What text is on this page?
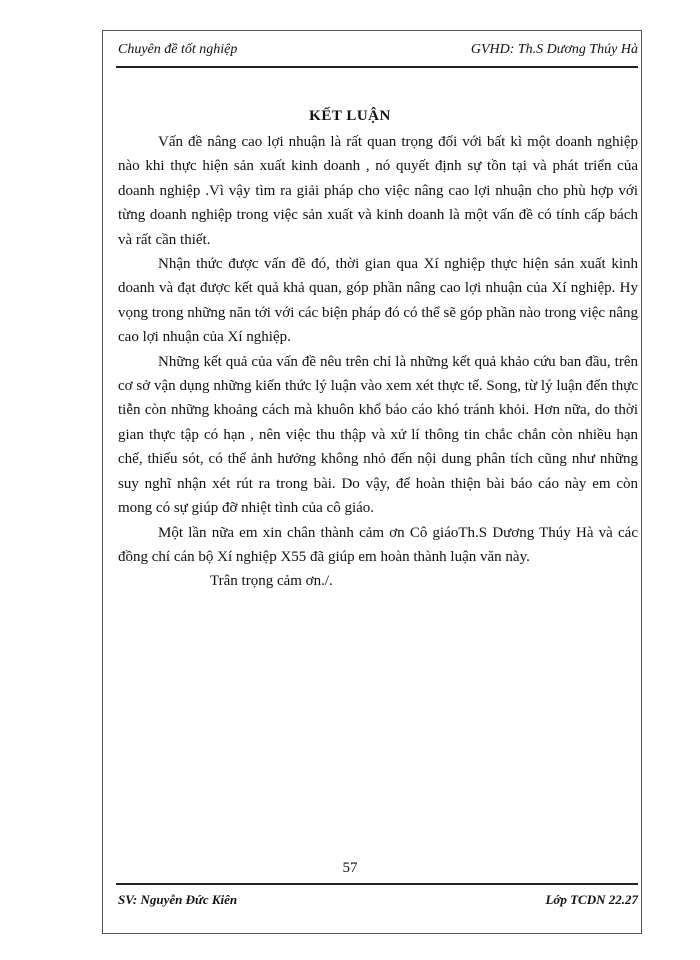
Chuyên đề tốt nghiệp	GVHD: Th.S Dương Thúy Hà
KẾT LUẬN

Vấn đề nâng cao lợi nhuận là rất quan trọng đối với bất kì một doanh nghiệp nào khi thực hiện sản xuất kinh doanh , nó quyết định sự tồn tại và phát triển của doanh nghiệp .Vì vậy tìm ra giải pháp cho việc nâng cao lợi nhuận cho phù hợp với từng doanh nghiệp trong việc sản xuất và kinh doanh là một vấn đề có tính cấp bách và rất cần thiết.

Nhận thức được vấn đề đó, thời gian qua Xí nghiệp thực hiện sản xuất kinh doanh và đạt được kết quả khả quan, góp phần nâng cao lợi nhuận của Xí nghiệp. Hy vọng trong những năn tới với các biện pháp đó có thể sẽ góp phần nào trong việc nâng cao lợi nhuận của Xí nghiệp.

Những kết quả của vấn đề nêu trên chỉ là những kết quả khảo cứu ban đầu, trên cơ sở vận dụng những kiến thức lý luận vào xem xét thực tế. Song, từ lý luận đến thực tiễn còn những khoảng cách mà khuôn khổ báo cáo khó tránh khỏi. Hơn nữa, do thời gian thực tập có hạn , nên việc thu thập và xử lí thông tin chắc chắn còn nhiều hạn chế, thiếu sót, có thể ảnh hưởng không nhỏ đến nội dung phân tích cũng như những suy nghĩ nhận xét rút ra trong bài. Do vậy, để hoàn thiện bài báo cáo này em còn mong có sự giúp đỡ nhiệt tình của cô giáo.

Một lần nữa em xin chân thành cảm ơn Cô giáoTh.S Dương Thúy Hà và các đồng chí cán bộ Xí nghiệp X55 đã giúp em hoàn thành luận văn này.

Trân trọng cảm ơn./.

57
SV: Nguyễn Đức Kiên	Lớp TCDN 22.27
